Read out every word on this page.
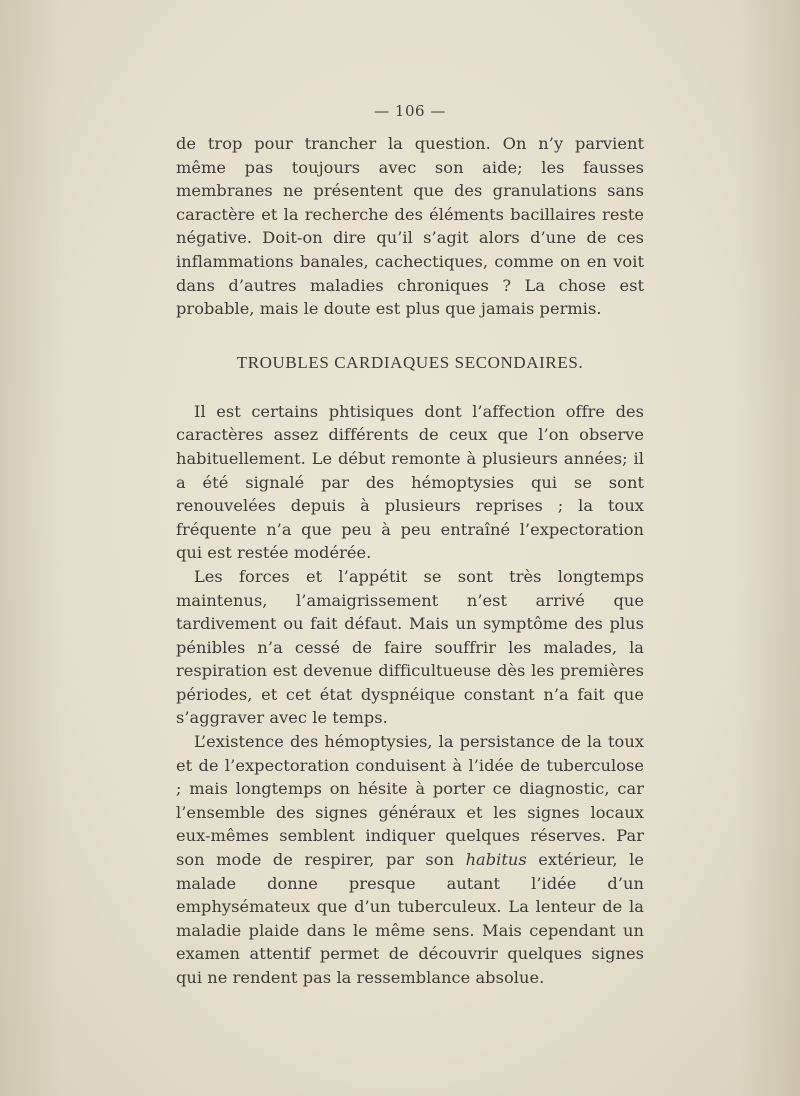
— 106 —

de trop pour trancher la question. On n’y parvient même pas toujours avec son aide; les fausses membranes ne présentent que des granulations sans caractère et la recherche des éléments bacillaires reste négative. Doit-on dire qu’il s’agit alors d’une de ces inflammations banales, cachectiques, comme on en voit dans d’autres maladies chroniques ? La chose est probable, mais le doute est plus que jamais permis.

TROUBLES CARDIAQUES SECONDAIRES.

Il est certains phtisiques dont l’affection offre des caractères assez différents de ceux que l’on observe habituellement. Le début remonte à plusieurs années; il a été signalé par des hémoptysies qui se sont renouvelées depuis à plusieurs reprises ; la toux fréquente n’a que peu à peu entraîné l’expectoration qui est restée modérée.

Les forces et l’appétit se sont très longtemps maintenus, l’amaigrissement n’est arrivé que tardivement ou fait défaut. Mais un symptôme des plus pénibles n’a cessé de faire souffrir les malades, la respiration est devenue difficultueuse dès les premières périodes, et cet état dyspnéique constant n’a fait que s’aggraver avec le temps.

L’existence des hémoptysies, la persistance de la toux et de l’expectoration conduisent à l’idée de tuberculose ; mais longtemps on hésite à porter ce diagnostic, car l’ensemble des signes généraux et les signes locaux eux-mêmes semblent indiquer quelques réserves. Par son mode de respirer, par son habitus extérieur, le malade donne presque autant l’idée d’un emphysémateux que d’un tuberculeux. La lenteur de la maladie plaide dans le même sens. Mais cependant un examen attentif permet de découvrir quelques signes qui ne rendent pas la ressemblance absolue.
